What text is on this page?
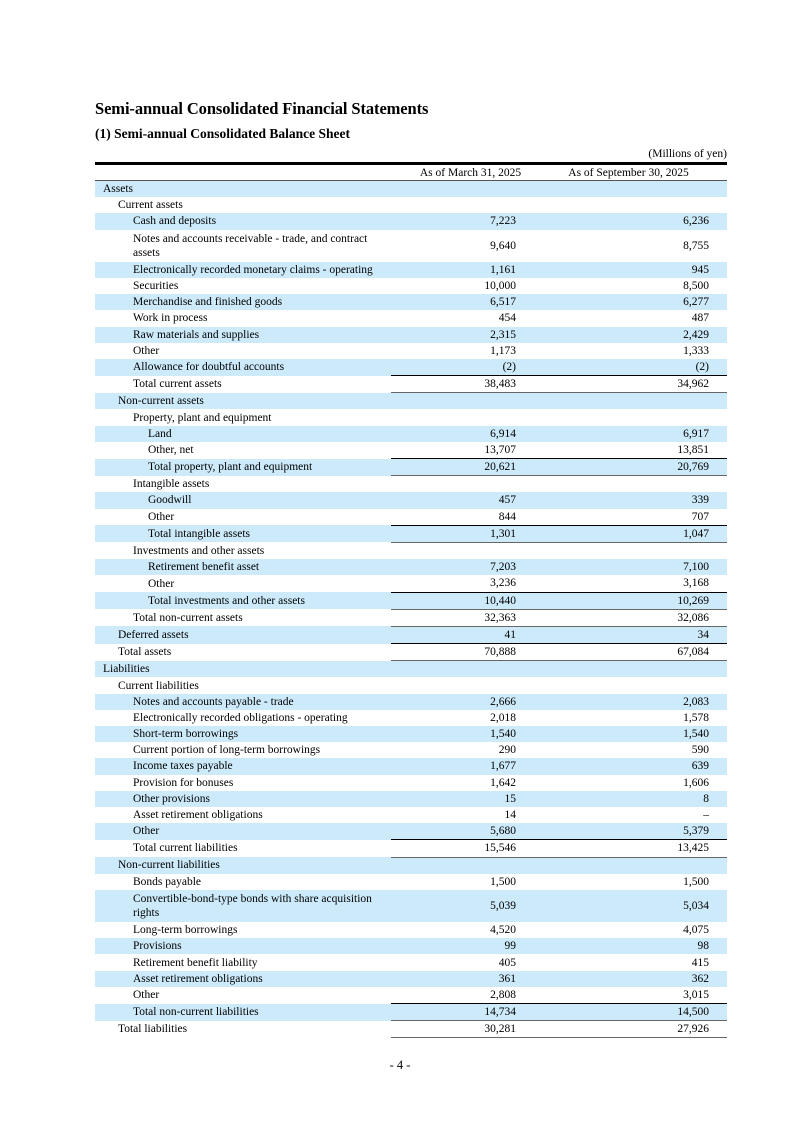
Semi-annual Consolidated Financial Statements
(1) Semi-annual Consolidated Balance Sheet
(Millions of yen)
	As of March 31, 2025	As of September 30, 2025
Assets		
Current assets		
Cash and deposits	7,223	6,236
Notes and accounts receivable - trade, and contract assets	9,640	8,755
Electronically recorded monetary claims - operating	1,161	945
Securities	10,000	8,500
Merchandise and finished goods	6,517	6,277
Work in process	454	487
Raw materials and supplies	2,315	2,429
Other	1,173	1,333
Allowance for doubtful accounts	(2)	(2)
Total current assets	38,483	34,962
Non-current assets		
Property, plant and equipment		
Land	6,914	6,917
Other, net	13,707	13,851
Total property, plant and equipment	20,621	20,769
Intangible assets		
Goodwill	457	339
Other	844	707
Total intangible assets	1,301	1,047
Investments and other assets		
Retirement benefit asset	7,203	7,100
Other	3,236	3,168
Total investments and other assets	10,440	10,269
Total non-current assets	32,363	32,086
Deferred assets	41	34
Total assets	70,888	67,084
Liabilities		
Current liabilities		
Notes and accounts payable - trade	2,666	2,083
Electronically recorded obligations - operating	2,018	1,578
Short-term borrowings	1,540	1,540
Current portion of long-term borrowings	290	590
Income taxes payable	1,677	639
Provision for bonuses	1,642	1,606
Other provisions	15	8
Asset retirement obligations	14	–
Other	5,680	5,379
Total current liabilities	15,546	13,425
Non-current liabilities		
Bonds payable	1,500	1,500
Convertible-bond-type bonds with share acquisition rights	5,039	5,034
Long-term borrowings	4,520	4,075
Provisions	99	98
Retirement benefit liability	405	415
Asset retirement obligations	361	362
Other	2,808	3,015
Total non-current liabilities	14,734	14,500
Total liabilities	30,281	27,926
- 4 -
